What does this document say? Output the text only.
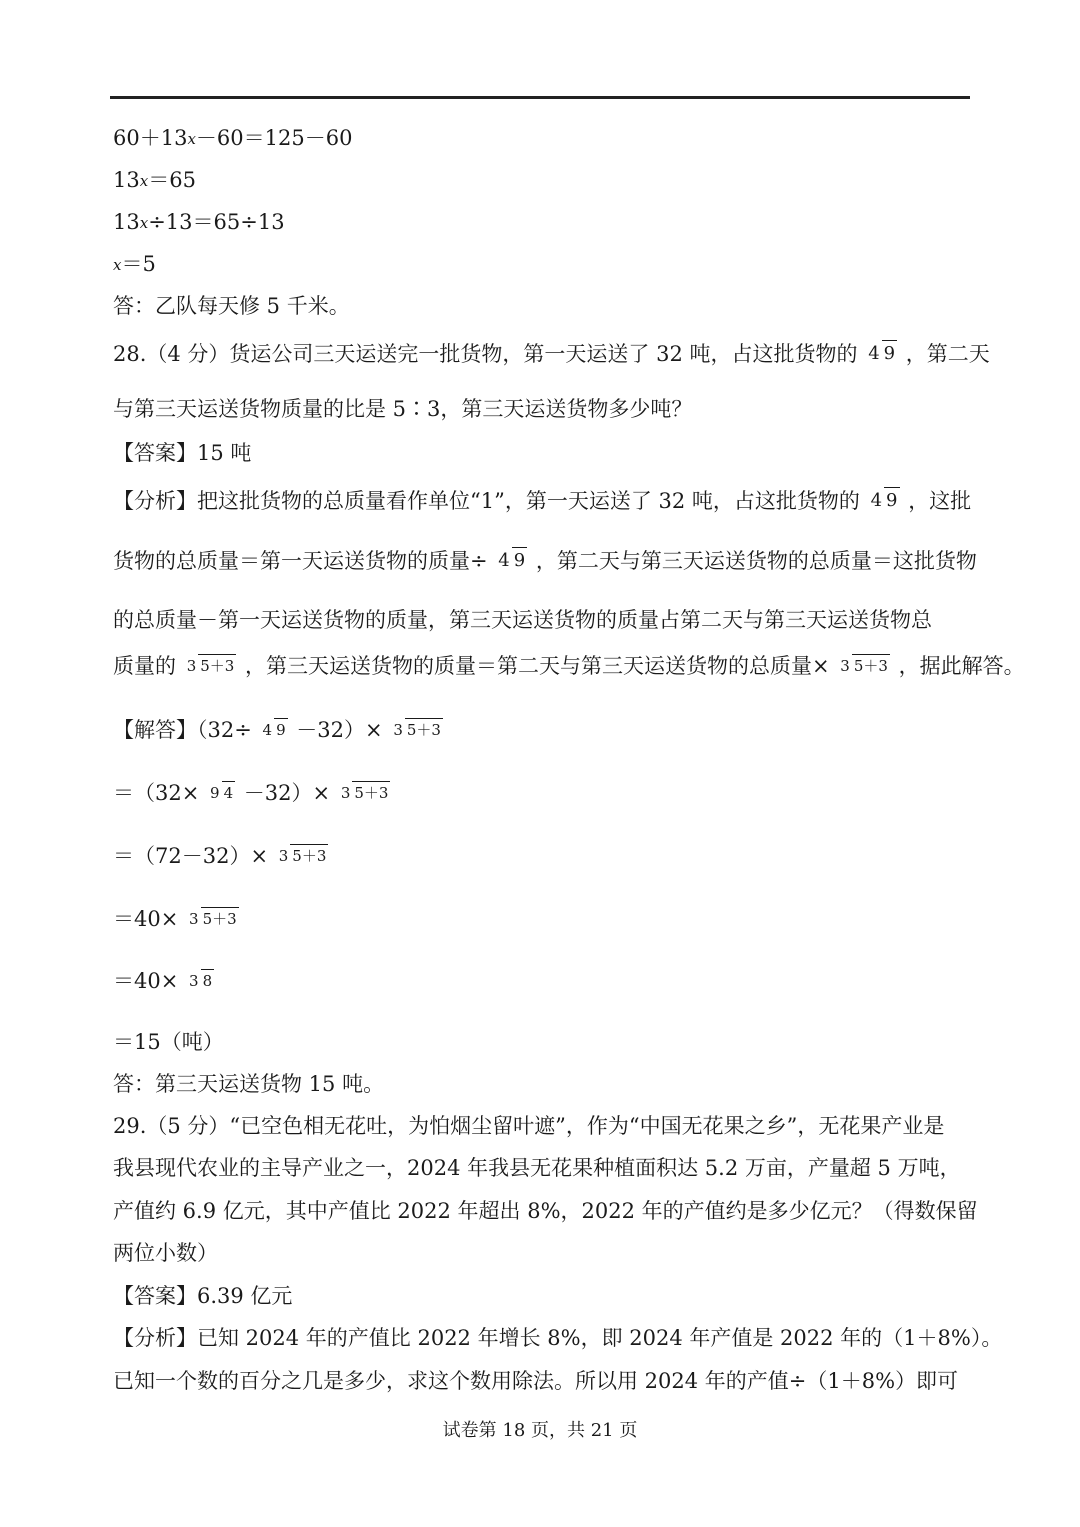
60＋13x－60＝125－60
13x＝65
13x÷13＝65÷13
x＝5
答：乙队每天修 5 千米。
28.（4 分）货运公司三天运送完一批货物，第一天运送了 32 吨，占这批货物的 4 9 ，第二天
与第三天运送货物质量的比是 5∶3，第三天运送货物多少吨？
【答案】15 吨
【分析】把这批货物的总质量看作单位“1”，第一天运送了 32 吨，占这批货物的 4 9 ，这批
货物的总质量＝第一天运送货物的质量÷ 4 9 ，第二天与第三天运送货物的总质量＝这批货物
的总质量－第一天运送货物的质量，第三天运送货物的质量占第二天与第三天运送货物总
质量的 3 5＋3 ，第三天运送货物的质量＝第二天与第三天运送货物的总质量× 3 5＋3 ，据此解答。
【解答】（32÷ 4 9 －32）× 3 5＋3
＝（32× 9 4 －32）× 3 5＋3
＝（72－32）× 3 5＋3
＝40× 3 5＋3
＝40× 3 8
＝15（吨）
答：第三天运送货物 15 吨。
29.（5 分）“已空色相无花吐，为怕烟尘留叶遮”，作为“中国无花果之乡”，无花果产业是
我县现代农业的主导产业之一，2024 年我县无花果种植面积达 5.2 万亩，产量超 5 万吨，
产值约 6.9 亿元，其中产值比 2022 年超出 8%，2022 年的产值约是多少亿元？（得数保留
两位小数）
【答案】6.39 亿元
【分析】已知 2024 年的产值比 2022 年增长 8%，即 2024 年产值是 2022 年的（1＋8%）。
已知一个数的百分之几是多少，求这个数用除法。所以用 2024 年的产值÷（1＋8%）即可
试卷第 18 页，共 21 页
